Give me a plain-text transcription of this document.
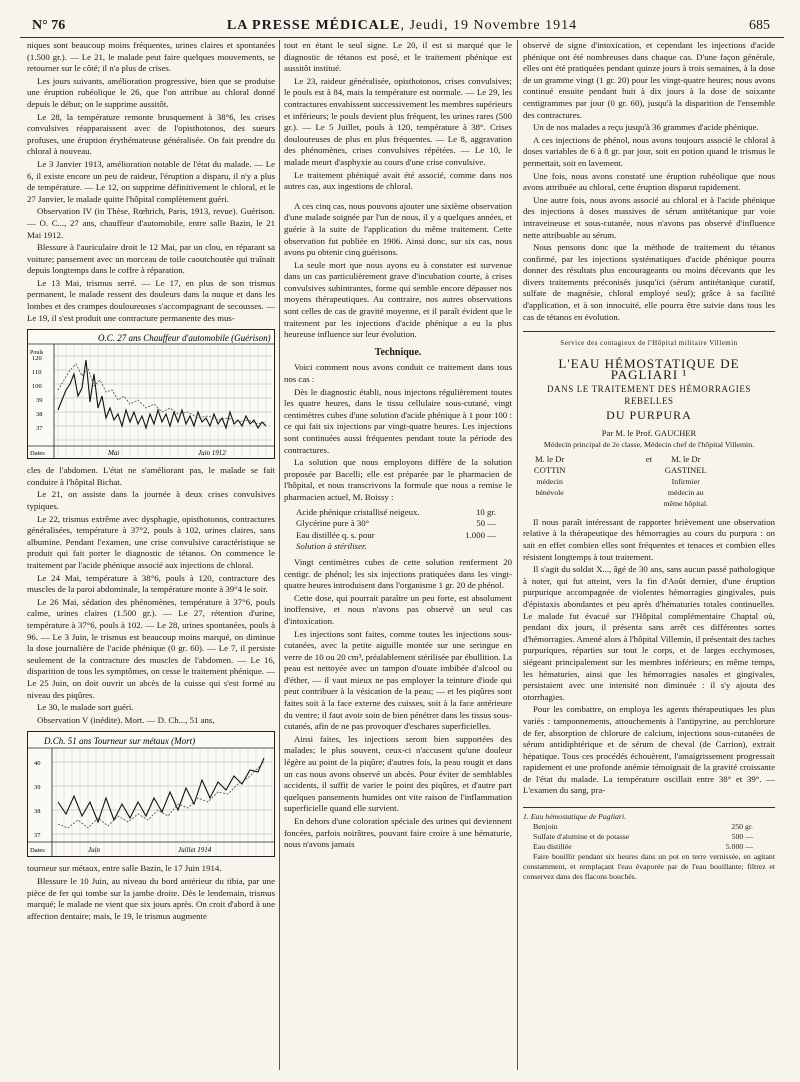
N° 76	LA PRESSE MÉDICALE, Jeudi, 19 Novembre 1914	685

niques sont beaucoup moins fréquentes, urines claires et spontanées (1.500 gr.). — Le 21, le malade peut faire quelques mouvements, se retourner sur le côté; il n'a plus de crises.

Les jours suivants, amélioration progressive, bien que se produise une éruption rubéolique le 26, que l'on attribue au chloral donné depuis le début; on le supprime aussitôt.

Le 28, la température remonte brusquement à 38°6, les crises convulsives réapparaissent avec de l'opisthotonos, des sueurs profuses, une éruption érythémateuse généralisée. On fait prendre du chloral à nouveau.

Le 3 Janvier 1913, amélioration notable de l'état du malade. — Le 6, il existe encore un peu de raideur, l'éruption a disparu, il n'y a plus de température. — Le 12, on supprime définitivement le chloral, et le 27 Janvier, le malade quitte l'hôpital complètement guéri.

Observation IV (in Thèse, Rœhrich, Paris, 1913, revue). Guérison. — O. C..., 27 ans, chauffeur d'automobile, entre salle Bazin, le 21 Mai 1912.

Blessure à l'auriculaire droit le 12 Mai, par un clou, en réparant sa voiture; pansement avec un morceau de toile caoutchoutée qui traînait depuis longtemps dans le coffre à réparation.

Le 13 Mai, trismus serré. — Le 17, en plus de son trismus permanent, le malade ressent des douleurs dans la nuque et dans les lombes et des crampes douloureuses s'accompagnant de secousses. — Le 19, il s'est produit une contracture permanente des mus-

O.C. 27 ans Chauffeur d'automobile (Guérison)
Pouls
120
110
100
39
38
37
Dates	Mai	Juin 1912

cles de l'abdomen. L'état ne s'améliorant pas, le malade se fait conduire à l'hôpital Bichat.

Le 21, on assiste dans la journée à deux crises convulsives typiques.

Le 22, trismus extrême avec dysphagie, opisthotonos, contractures généralisées, température à 37°2, pouls à 102, urines claires, sans albumine. Pendant l'examen, une crise convulsive caractéristique se produit qui fait porter le diagnostic de tétanos. On commence le traitement par l'acide phénique associé aux injections de chloral.

Le 24 Mai, température à 38°6, pouls à 120, contracture des muscles de la paroi abdominale, la température monte à 39°4 le soir.

Le 26 Mai, sédation des phénomènes, température à 37°6, pouls calme, urines claires (1.500 gr.). — Le 27, rétention d'urine, température à 37°6, pouls à 102. — Le 28, urines spontanées, pouls à 96. — Le 3 Juin, le trismus est beaucoup moins marqué, on diminue la dose journalière de l'acide phénique (0 gr. 60). — Le 7, il persiste seulement de la contracture des muscles de l'abdomen. — Le 16, disparition de tous les symptômes, on cesse le traitement phénique. — Le 25 Juin, on doit ouvrir un abcès de la cuisse qui s'est formé au niveau des piqûres.

Le 30, le malade sort guéri.

Observation V (inédite). Mort. — D. Ch..., 51 ans,

D.Ch. 51 ans Tourneur sur métaux (Mort)
40
39
38
37
Dates	Juin	Juillet 1914

tourneur sur métaux, entre salle Bazin, le 17 Juin 1914.

Blessure le 10 Juin, au niveau du bord antérieur du tibia, par une pièce de fer qui tombe sur la jambe droite. Dès le lendemain, trismus marqué; le malade ne vient que six jours après. On croit d'abord à une affection dentaire; mais, le 19, le trismus augmente

tout en étant le seul signe. Le 20, il est si marqué que le diagnostic de tétanos est posé, et le traitement phénique est aussitôt institué.

Le 23, raideur généralisée, opisthotonos, crises convulsives; le pouls est à 84, mais la température est normale. — Le 29, les contractures envahissent successivement les membres supérieurs et inférieurs; le pouls devient plus fréquent, les urines rares (500 gr.). — Le 5 Juillet, pouls à 120, température à 38°. Crises douloureuses de plus en plus fréquentes. — Le 8, aggravation des phénomènes, crises convulsives répétées. — Le 10, le malade meurt d'asphyxie au cours d'une crise convulsive.

Le traitement phéniqué avait été associé, comme dans nos autres cas, aux ingestions de chloral.

A ces cinq cas, nous pouvons ajouter une sixième observation d'une malade soignée par l'un de nous, il y a quelques années, et guérie à la suite de l'application du même traitement. Cette observation fut publiée en 1906. Ainsi donc, sur six cas, nous avons pu obtenir cinq guérisons.

La seule mort que nous ayons eu à constater est survenue dans un cas particulièrement grave d'incubation courte, à crises convulsives subintrantes, forme qui semble encore dépasser nos moyens thérapeutiques. Au contraire, nos autres observations sont celles de cas de gravité moyenne, et il paraît évident que le traitement par les injections d'acide phénique a eu la plus heureuse influence sur leur évolution.

Technique.

Voici comment nous avons conduit ce traitement dans tous nos cas :

Dès le diagnostic établi, nous injectons régulièrement toutes les quatre heures, dans le tissu cellulaire sous-cutané, vingt centimètres cubes d'une solution d'acide phénique à 1 pour 100 : ce qui fait six injections par vingt-quatre heures. Les injections sont continuées aussi fréquentes pendant toute la période des contractures.

La solution que nous employons diffère de la solution proposée par Bacelli; elle est préparée par le pharmacien de l'hôpital, et nous transcrivons la formule que nous a remise le pharmacien actuel, M. Boissy :

Acide phénique cristallisé neigeux.	10 gr.
Glycérine pure à 30°	50 —
Eau distillée q. s. pour	1.000 —
Solution à stériliser.

Vingt centimètres cubes de cette solution renferment 20 centigr. de phénol; les six injections pratiquées dans les vingt-quatre heures introduisent dans l'organisme 1 gr. 20 de phénol.

Cette dose, qui pourrait paraître un peu forte, est absolument inoffensive, et nous n'avons pas observé un seul cas d'intoxication.

Les injections sont faites, comme toutes les injections sous-cutanées, avec la petite aiguille montée sur une seringue en verre de 10 ou 20 cm³, préalablement stérilisée par ébullition. La peau est nettoyée avec un tampon d'ouate imbibée d'alcool ou d'éther, — il vaut mieux ne pas employer la teinture d'iode qui peut contribuer à la vésication de la peau; — et les piqûres sont faites soit à la face externe des cuisses, soit à la face antérieure du ventre; il faut avoir soin de bien pénétrer dans les tissus sous-cutanés, afin de ne pas provoquer d'eschares superficielles.

Ainsi faites, les injections seront bien supportées des malades; le plus souvent, ceux-ci n'accusent qu'une douleur légère au point de la piqûre; d'autres fois, la peau rougit et dans un cas nous avons observé un abcès. Pour éviter de semblables accidents, il suffit de varier le point des piqûres, et d'autre part quelques pansements humides ont vite raison de l'inflammation superficielle quand elle survient.

En dehors d'une coloration spéciale des urines qui deviennent foncées, parfois noirâtres, pouvant faire croire à une hématurie, nous n'avons jamais

observé de signe d'intoxication, et cependant les injections d'acide phénique ont été nombreuses dans chaque cas. D'une façon générale, elles ont été pratiquées pendant quinze jours à trois semaines, à la dose de un gramme vingt (1 gr. 20) pour les vingt-quatre heures; nous avons continué ensuite pendant huit à dix jours à la dose de soixante centigrammes par jour (0 gr. 60), jusqu'à la disparition de l'ensemble des contractures.

Un de nos malades a reçu jusqu'à 36 grammes d'acide phénique.

A ces injections de phénol, nous avons toujours associé le chloral à doses variables de 6 à 8 gr. par jour, soit en potion quand le trismus le permettait, soit en lavement.

Une fois, nous avons constaté une éruption rubéolique que nous avons attribuée au chloral, cette éruption disparut rapidement.

Une autre fois, nous avons associé au chloral et à l'acide phénique des injections à doses massives de sérum antitétanique par voie intraveineuse et sous-cutanée, nous n'avons pas observé d'influence nette attribuable au sérum.

Nous pensons donc que la méthode de traitement du tétanos confirmé, par les injections systématiques d'acide phénique pourra donner des résultats plus encourageants ou moins décevants que les divers traitements préconisés jusqu'ici (sérum antitétanique curatif, sulfate de magnésie, chloral employé seul); grâce à sa facilité d'application, et à son innocuité, elle pourra être suivie dans tous les cas de tétanos en évolution.

Service des contagieux de l'Hôpital militaire Villemin
L'EAU HÉMOSTATIQUE DE PAGLIARI ¹
DANS LE TRAITEMENT DES HÉMORRAGIES REBELLES
DU PURPURA
Par M. le Prof. GAUCHER
Médecin principal de 2e classe, Médecin chef de l'hôpital Villemin.
M. le Dr COTTIN
médecin bénévole
et	M. le Dr GASTINEL
Infirmier médecin au même hôpital.

Il nous paraît intéressant de rapporter brièvement une observation relative à la thérapeutique des hémorragies au cours du purpura : on sait en effet combien elles sont fréquentes et tenaces et combien elles résistent longtemps à tout traitement.

Il s'agit du soldat X..., âgé de 30 ans, sans aucun passé pathologique à noter, qui fut atteint, vers la fin d'Août dernier, d'une éruption purpurique accompagnée de violentes hémorragies gingivales, puis d'épistaxis abondantes et peu après d'hématuries totales continuelles. Le malade fut évacué sur l'Hôpital complémentaire Chaptal où, pendant dix jours, il présenta sans arrêt ces différentes sortes d'hémorragies. Amené alors à l'hôpital Villemin, il présentait des taches purpuriques, réparties sur tout le corps, et de larges ecchymoses, siégeant principalement sur les membres inférieurs; en même temps, les hématuries, ainsi que les hémorragies nasales et gingivales, persistaient avec une intensité non diminuée : il s'y ajouta des otorrhagies.

Pour les combattre, on employa les agents thérapeutiques les plus variés : tamponnements, attouchements à l'antipyrine, au perchlorure de fer, absorption de chlorure de calcium, injections sous-cutanées de sérum antidiphtérique et de sérum de cheval (de Carrion), extrait hépatique. Tous ces procédés échouèrent, l'amaigrissement progressait rapidement et une profonde anémie témoignait de la gravité croissante de l'état du malade. La température oscillait entre 38° et 39°. — L'examen du sang, pra-

1. Eau hémostatique de Pagliari.
Benjoin	250 gr.
Sulfate d'alumine et de potasse	500 —
Eau distillée	5.000 —
Faire bouillir pendant six heures dans un pot en terre vernissée, en agitant constamment, et remplaçant l'eau évaporée par de l'eau bouillante; filtrez et conservez dans des flacons bouchés.
